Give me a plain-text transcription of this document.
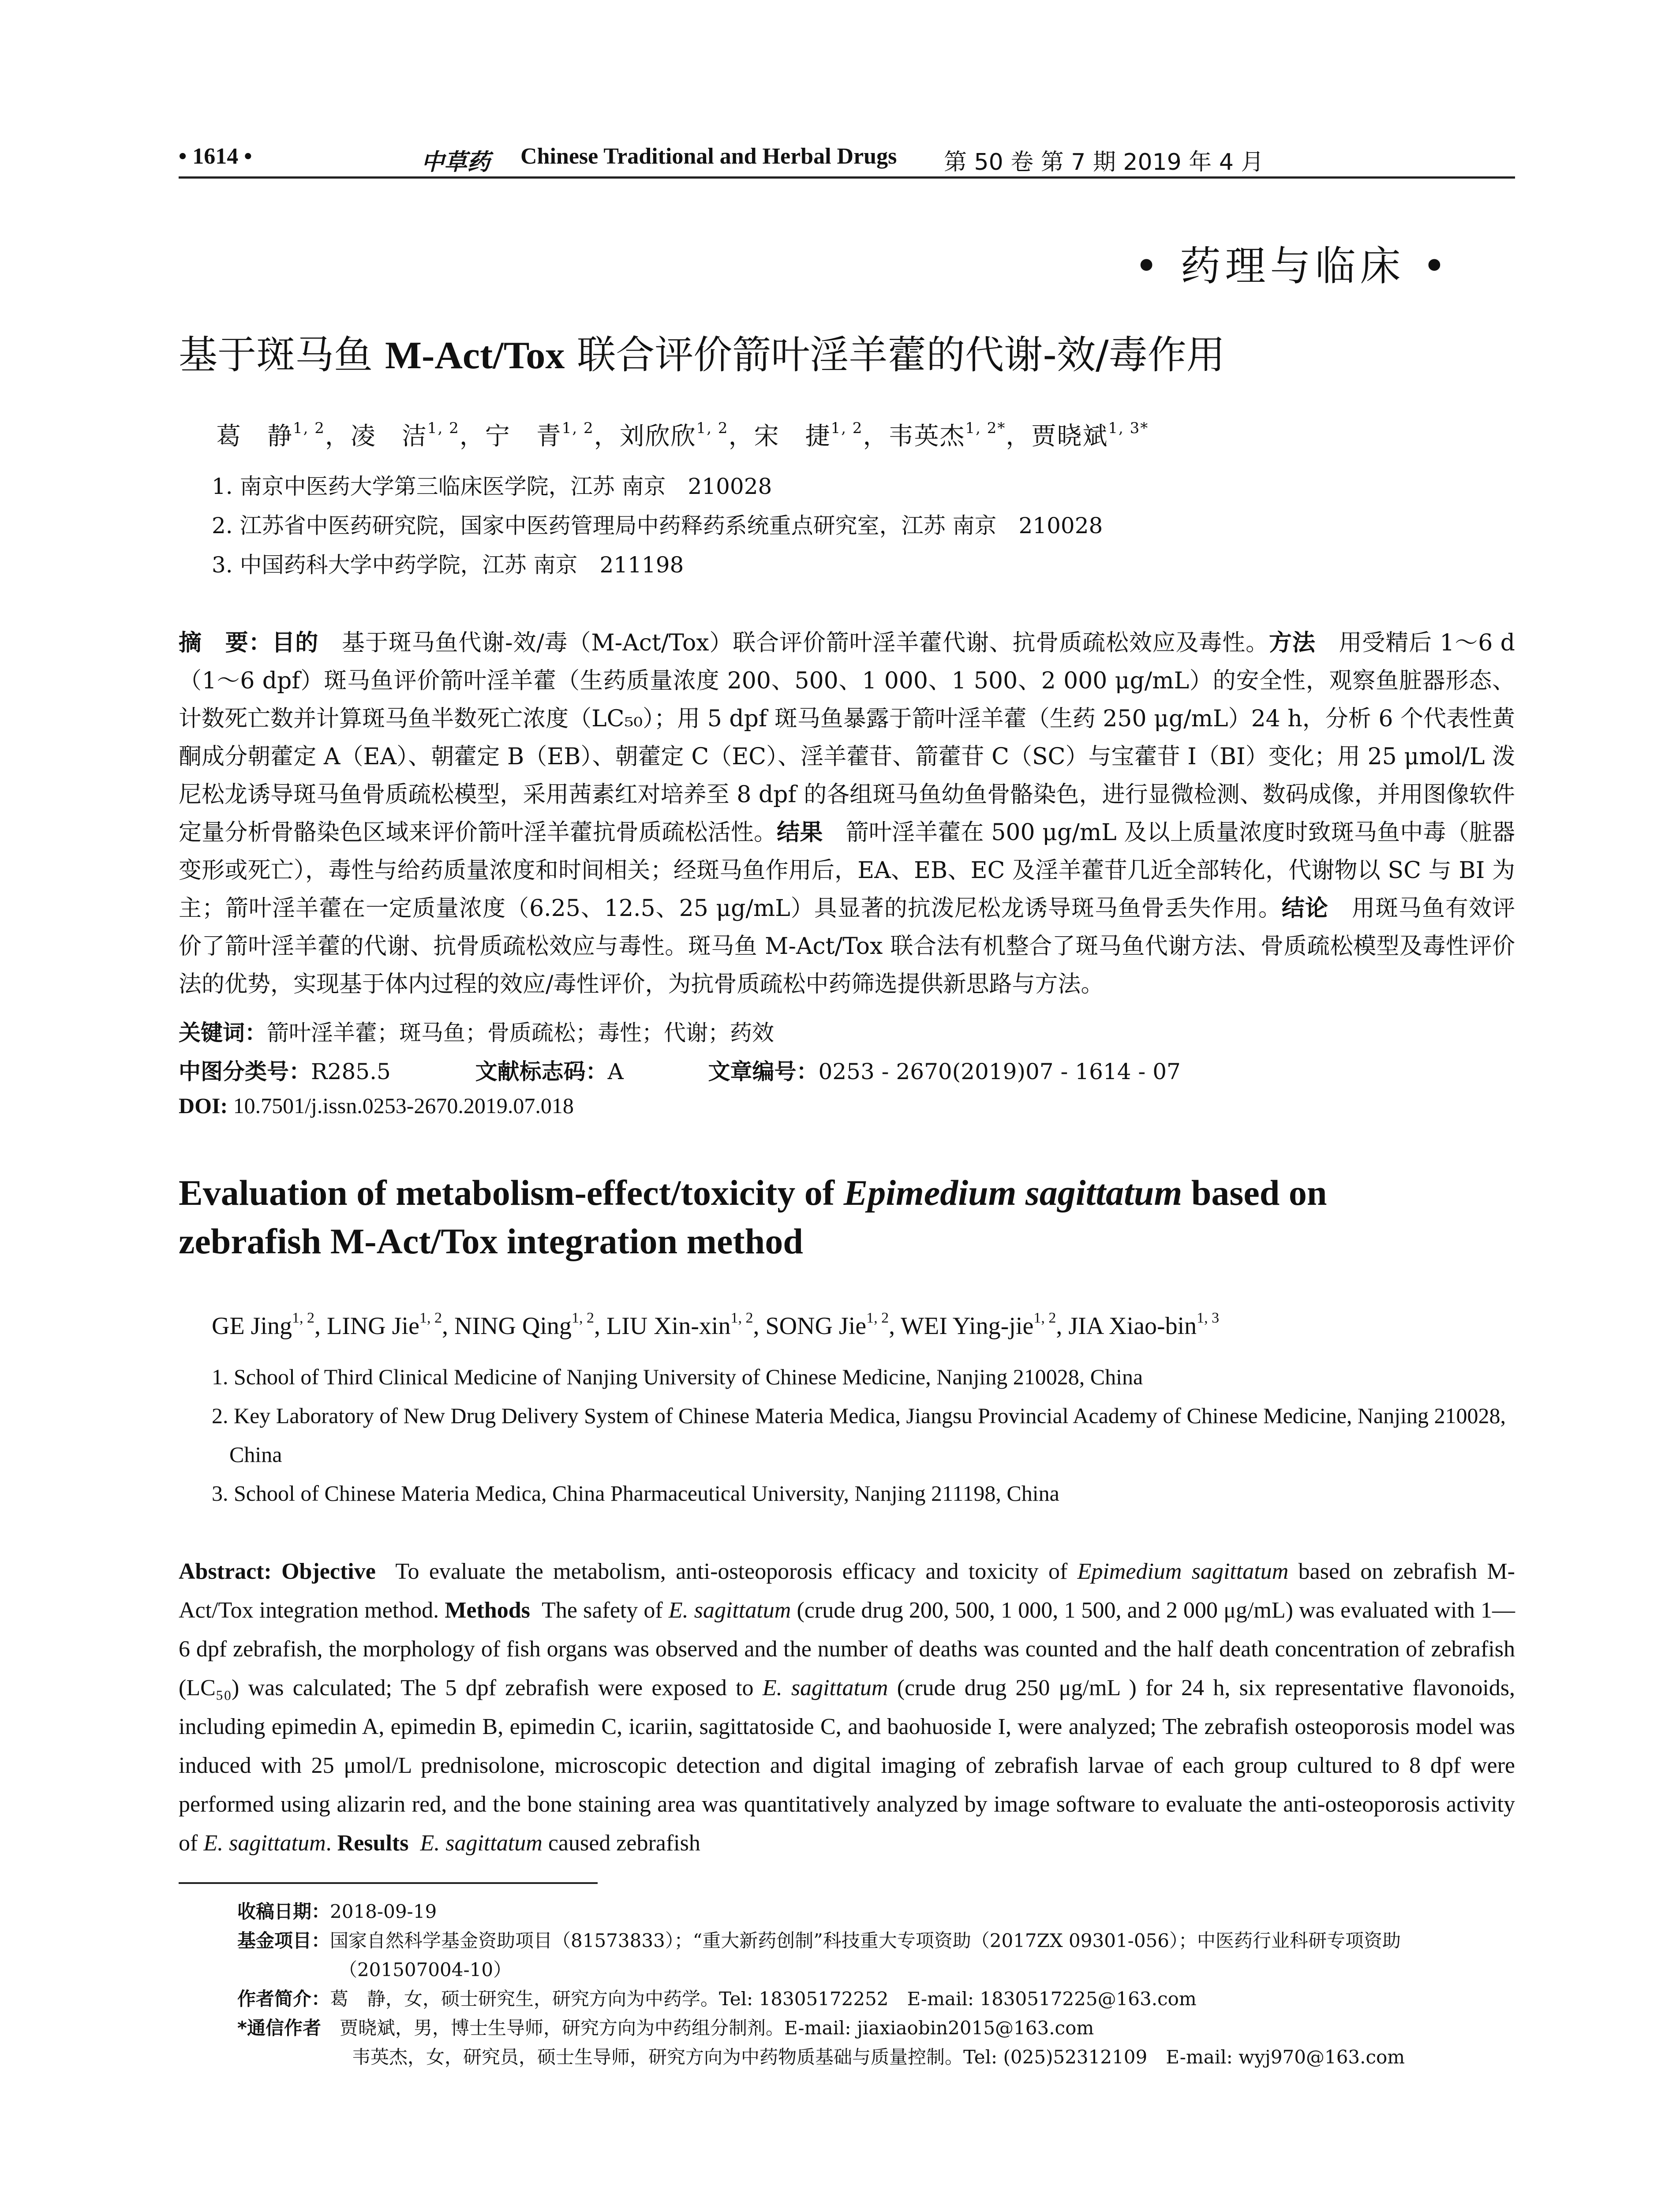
• 1614 •	中草药 Chinese Traditional and Herbal Drugs 第 50 卷 第 7 期 2019 年 4 月
• 药理与临床 •
基于斑马鱼 M-Act/Tox 联合评价箭叶淫羊藿的代谢-效/毒作用
葛　静$^{1, 2}$，凌　洁$^{1, 2}$，宁　青$^{1, 2}$，刘欣欣$^{1, 2}$，宋　捷$^{1, 2}$，韦英杰$^{1, 2*}$，贾晓斌$^{1, 3*}$
1. 南京中医药大学第三临床医学院，江苏 南京　210028
2. 江苏省中医药研究院，国家中医药管理局中药释药系统重点研究室，江苏 南京　210028
3. 中国药科大学中药学院，江苏 南京　211198
摘　要：目的　 基于斑马鱼代谢-效/毒（M-Act/Tox）联合评价箭叶淫羊藿代谢、抗骨质疏松效应及毒性。方法　 用受精后 1～6 d（1～6 dpf）斑马鱼评价箭叶淫羊藿（生药质量浓度 200、500、1 000、1 500、2 000 μg/mL）的安全性，观察鱼脏器形态、计数死亡数并计算斑马鱼半数死亡浓度（LC₅₀）；用 5 dpf 斑马鱼暴露于箭叶淫羊藿（生药 250 μg/mL）24 h，分析 6 个代表性黄酮成分朝藿定 A（EA）、朝藿定 B（EB）、朝藿定 C（EC）、淫羊藿苷、箭藿苷 C（SC）与宝藿苷 I（BI）变化；用 25 μmol/L 泼尼松龙诱导斑马鱼骨质疏松模型，采用茜素红对培养至 8 dpf 的各组斑马鱼幼鱼骨骼染色，进行显微检测、数码成像，并用图像软件定量分析骨骼染色区域来评价箭叶淫羊藿抗骨质疏松活性。结果　 箭叶淫羊藿在 500 μg/mL 及以上质量浓度时致斑马鱼中毒（脏器变形或死亡），毒性与给药质量浓度和时间相关；经斑马鱼作用后，EA、EB、EC 及淫羊藿苷几近全部转化，代谢物以 SC 与 BI 为主；箭叶淫羊藿在一定质量浓度（6.25、12.5、25 μg/mL）具显著的抗泼尼松龙诱导斑马鱼骨丢失作用。结论　 用斑马鱼有效评价了箭叶淫羊藿的代谢、抗骨质疏松效应与毒性。斑马鱼 M-Act/Tox 联合法有机整合了斑马鱼代谢方法、骨质疏松模型及毒性评价法的优势，实现基于体内过程的效应/毒性评价，为抗骨质疏松中药筛选提供新思路与方法。
关键词：箭叶淫羊藿；斑马鱼；骨质疏松；毒性；代谢；药效
中图分类号：R285.5	文献标志码：A	文章编号：0253 - 2670(2019)07 - 1614 - 07
DOI: 10.7501/j.issn.0253-2670.2019.07.018
Evaluation of metabolism-effect/toxicity of Epimedium sagittatum based on
zebrafish M-Act/Tox integration method
GE Jing$^{1, 2}$, LING Jie$^{1, 2}$, NING Qing$^{1, 2}$, LIU Xin-xin$^{1, 2}$, SONG Jie$^{1, 2}$, WEI Ying-jie$^{1, 2}$, JIA Xiao-bin$^{1, 3}$
1. School of Third Clinical Medicine of Nanjing University of Chinese Medicine, Nanjing 210028, China
2. Key Laboratory of New Drug Delivery System of Chinese Materia Medica, Jiangsu Provincial Academy of Chinese Medicine, Nanjing 210028, China
3. School of Chinese Materia Medica, China Pharmaceutical University, Nanjing 211198, China
Abstract: Objective To evaluate the metabolism, anti-osteoporosis efficacy and toxicity of Epimedium sagittatum based on zebrafish M-Act/Tox integration method. Methods The safety of E. sagittatum (crude drug 200, 500, 1 000, 1 500, and 2 000 μg/mL) was evaluated with 1—6 dpf zebrafish, the morphology of fish organs was observed and the number of deaths was counted and the half death concentration of zebrafish (LC₅₀) was calculated; The 5 dpf zebrafish were exposed to E. sagittatum (crude drug 250 μg/mL ) for 24 h, six representative flavonoids, including epimedin A, epimedin B, epimedin C, icariin, sagittatoside C, and baohuoside I, were analyzed; The zebrafish osteoporosis model was induced with 25 μmol/L prednisolone, microscopic detection and digital imaging of zebrafish larvae of each group cultured to 8 dpf were performed using alizarin red, and the bone staining area was quantitatively analyzed by image software to evaluate the anti-osteoporosis activity of E. sagittatum. Results E. sagittatum caused zebrafish
收稿日期：2018-09-19
基金项目：国家自然科学基金资助项目（81573833）；“重大新药创制”科技重大专项资助（2017ZX 09301-056）；中医药行业科研专项资助
（201507004-10）
作者简介：葛　静，女，硕士研究生，研究方向为中药学。Tel: 18305172252　E-mail: 1830517225@163.com
*通信作者　 贾晓斌，男，博士生导师，研究方向为中药组分制剂。E-mail: jiaxiaobin2015@163.com
韦英杰，女，研究员，硕士生导师，研究方向为中药物质基础与质量控制。Tel: (025)52312109　E-mail: wyj970@163.com
